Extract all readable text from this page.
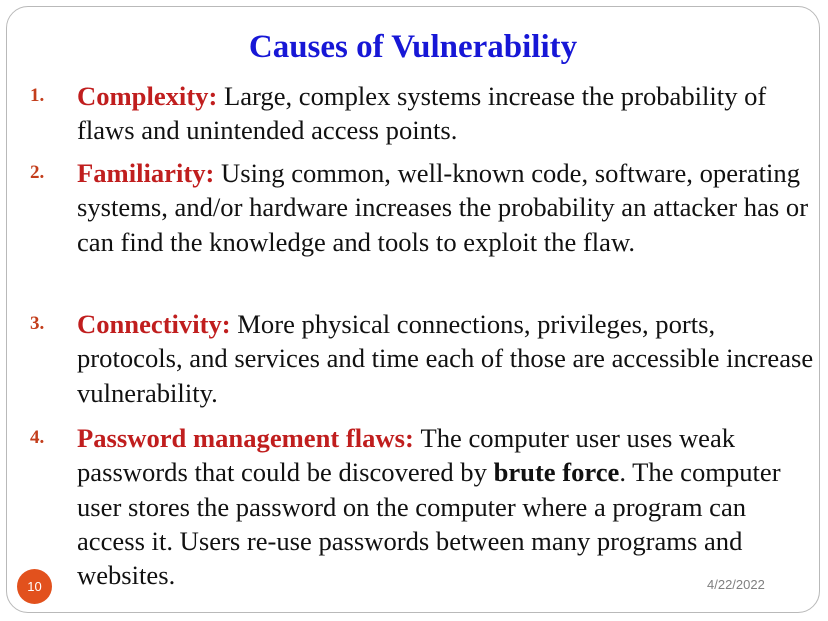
Causes of Vulnerability
1.	Complexity: Large, complex systems increase the probability of flaws and unintended access points.
2.	Familiarity: Using common, well-known code, software, operating systems, and/or hardware increases the probability an attacker has or can find the knowledge and tools to exploit the flaw.
3.	Connectivity: More physical connections, privileges, ports, protocols, and services and time each of those are accessible increase vulnerability.
4.	Password management flaws: The computer user uses weak passwords that could be discovered by brute force. The computer user stores the password on the computer where a program can access it. Users re-use passwords between many programs and websites.
10	4/22/2022
